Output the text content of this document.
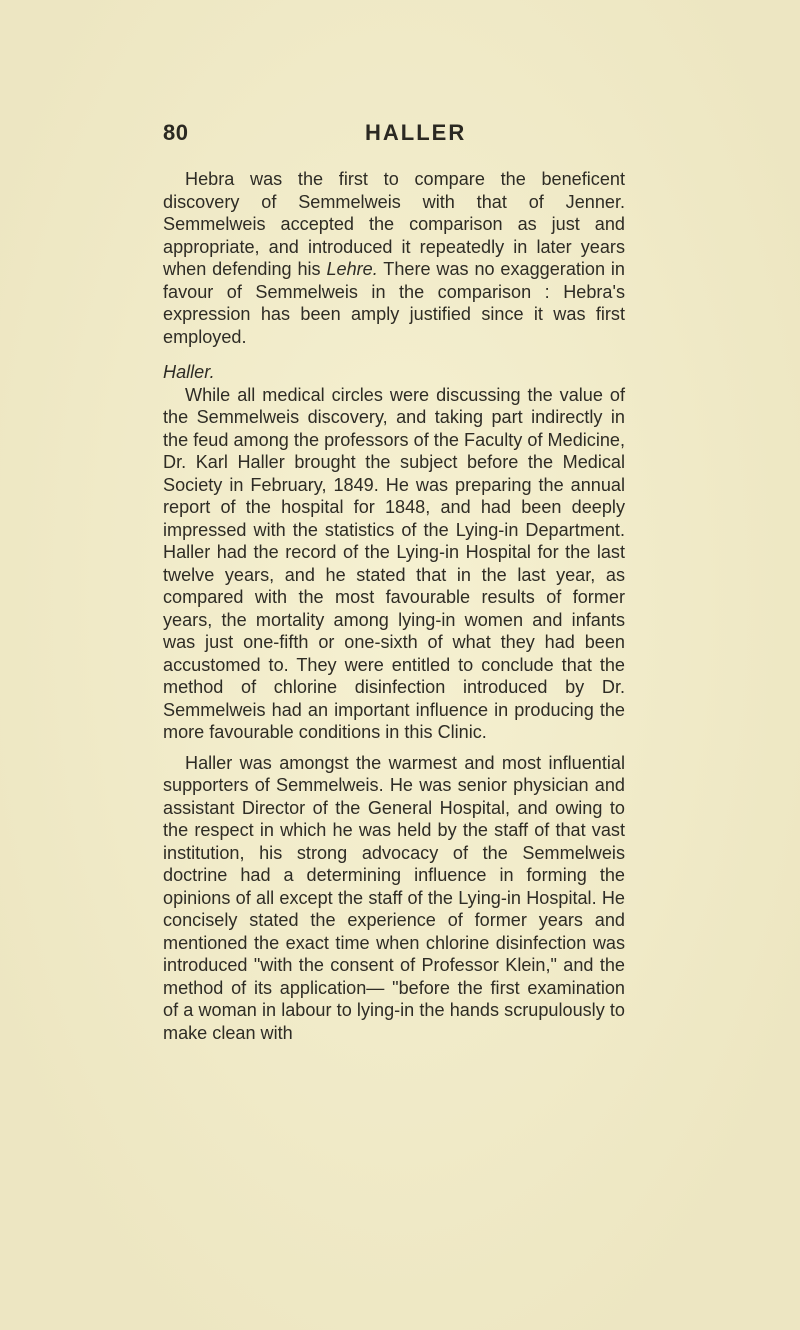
80	HALLER

Hebra was the first to compare the beneficent discovery of Semmelweis with that of Jenner. Semmelweis accepted the comparison as just and appropriate, and introduced it repeatedly in later years when defending his Lehre. There was no exaggeration in favour of Semmelweis in the comparison : Hebra's expression has been amply justified since it was first employed.

Haller.

While all medical circles were discussing the value of the Semmelweis discovery, and taking part indirectly in the feud among the professors of the Faculty of Medicine, Dr. Karl Haller brought the subject before the Medical Society in February, 1849. He was preparing the annual report of the hospital for 1848, and had been deeply impressed with the statistics of the Lying-in Department. Haller had the record of the Lying-in Hospital for the last twelve years, and he stated that in the last year, as compared with the most favourable results of former years, the mortality among lying-in women and infants was just one-fifth or one-sixth of what they had been accustomed to. They were entitled to conclude that the method of chlorine disinfection introduced by Dr. Semmelweis had an important influence in producing the more favourable conditions in this Clinic.

Haller was amongst the warmest and most influential supporters of Semmelweis. He was senior physician and assistant Director of the General Hospital, and owing to the respect in which he was held by the staff of that vast institution, his strong advocacy of the Semmelweis doctrine had a determining influence in forming the opinions of all except the staff of the Lying-in Hospital. He concisely stated the experience of former years and mentioned the exact time when chlorine disinfection was introduced "with the consent of Professor Klein," and the method of its application— "before the first examination of a woman in labour to lying-in the hands scrupulously to make clean with
